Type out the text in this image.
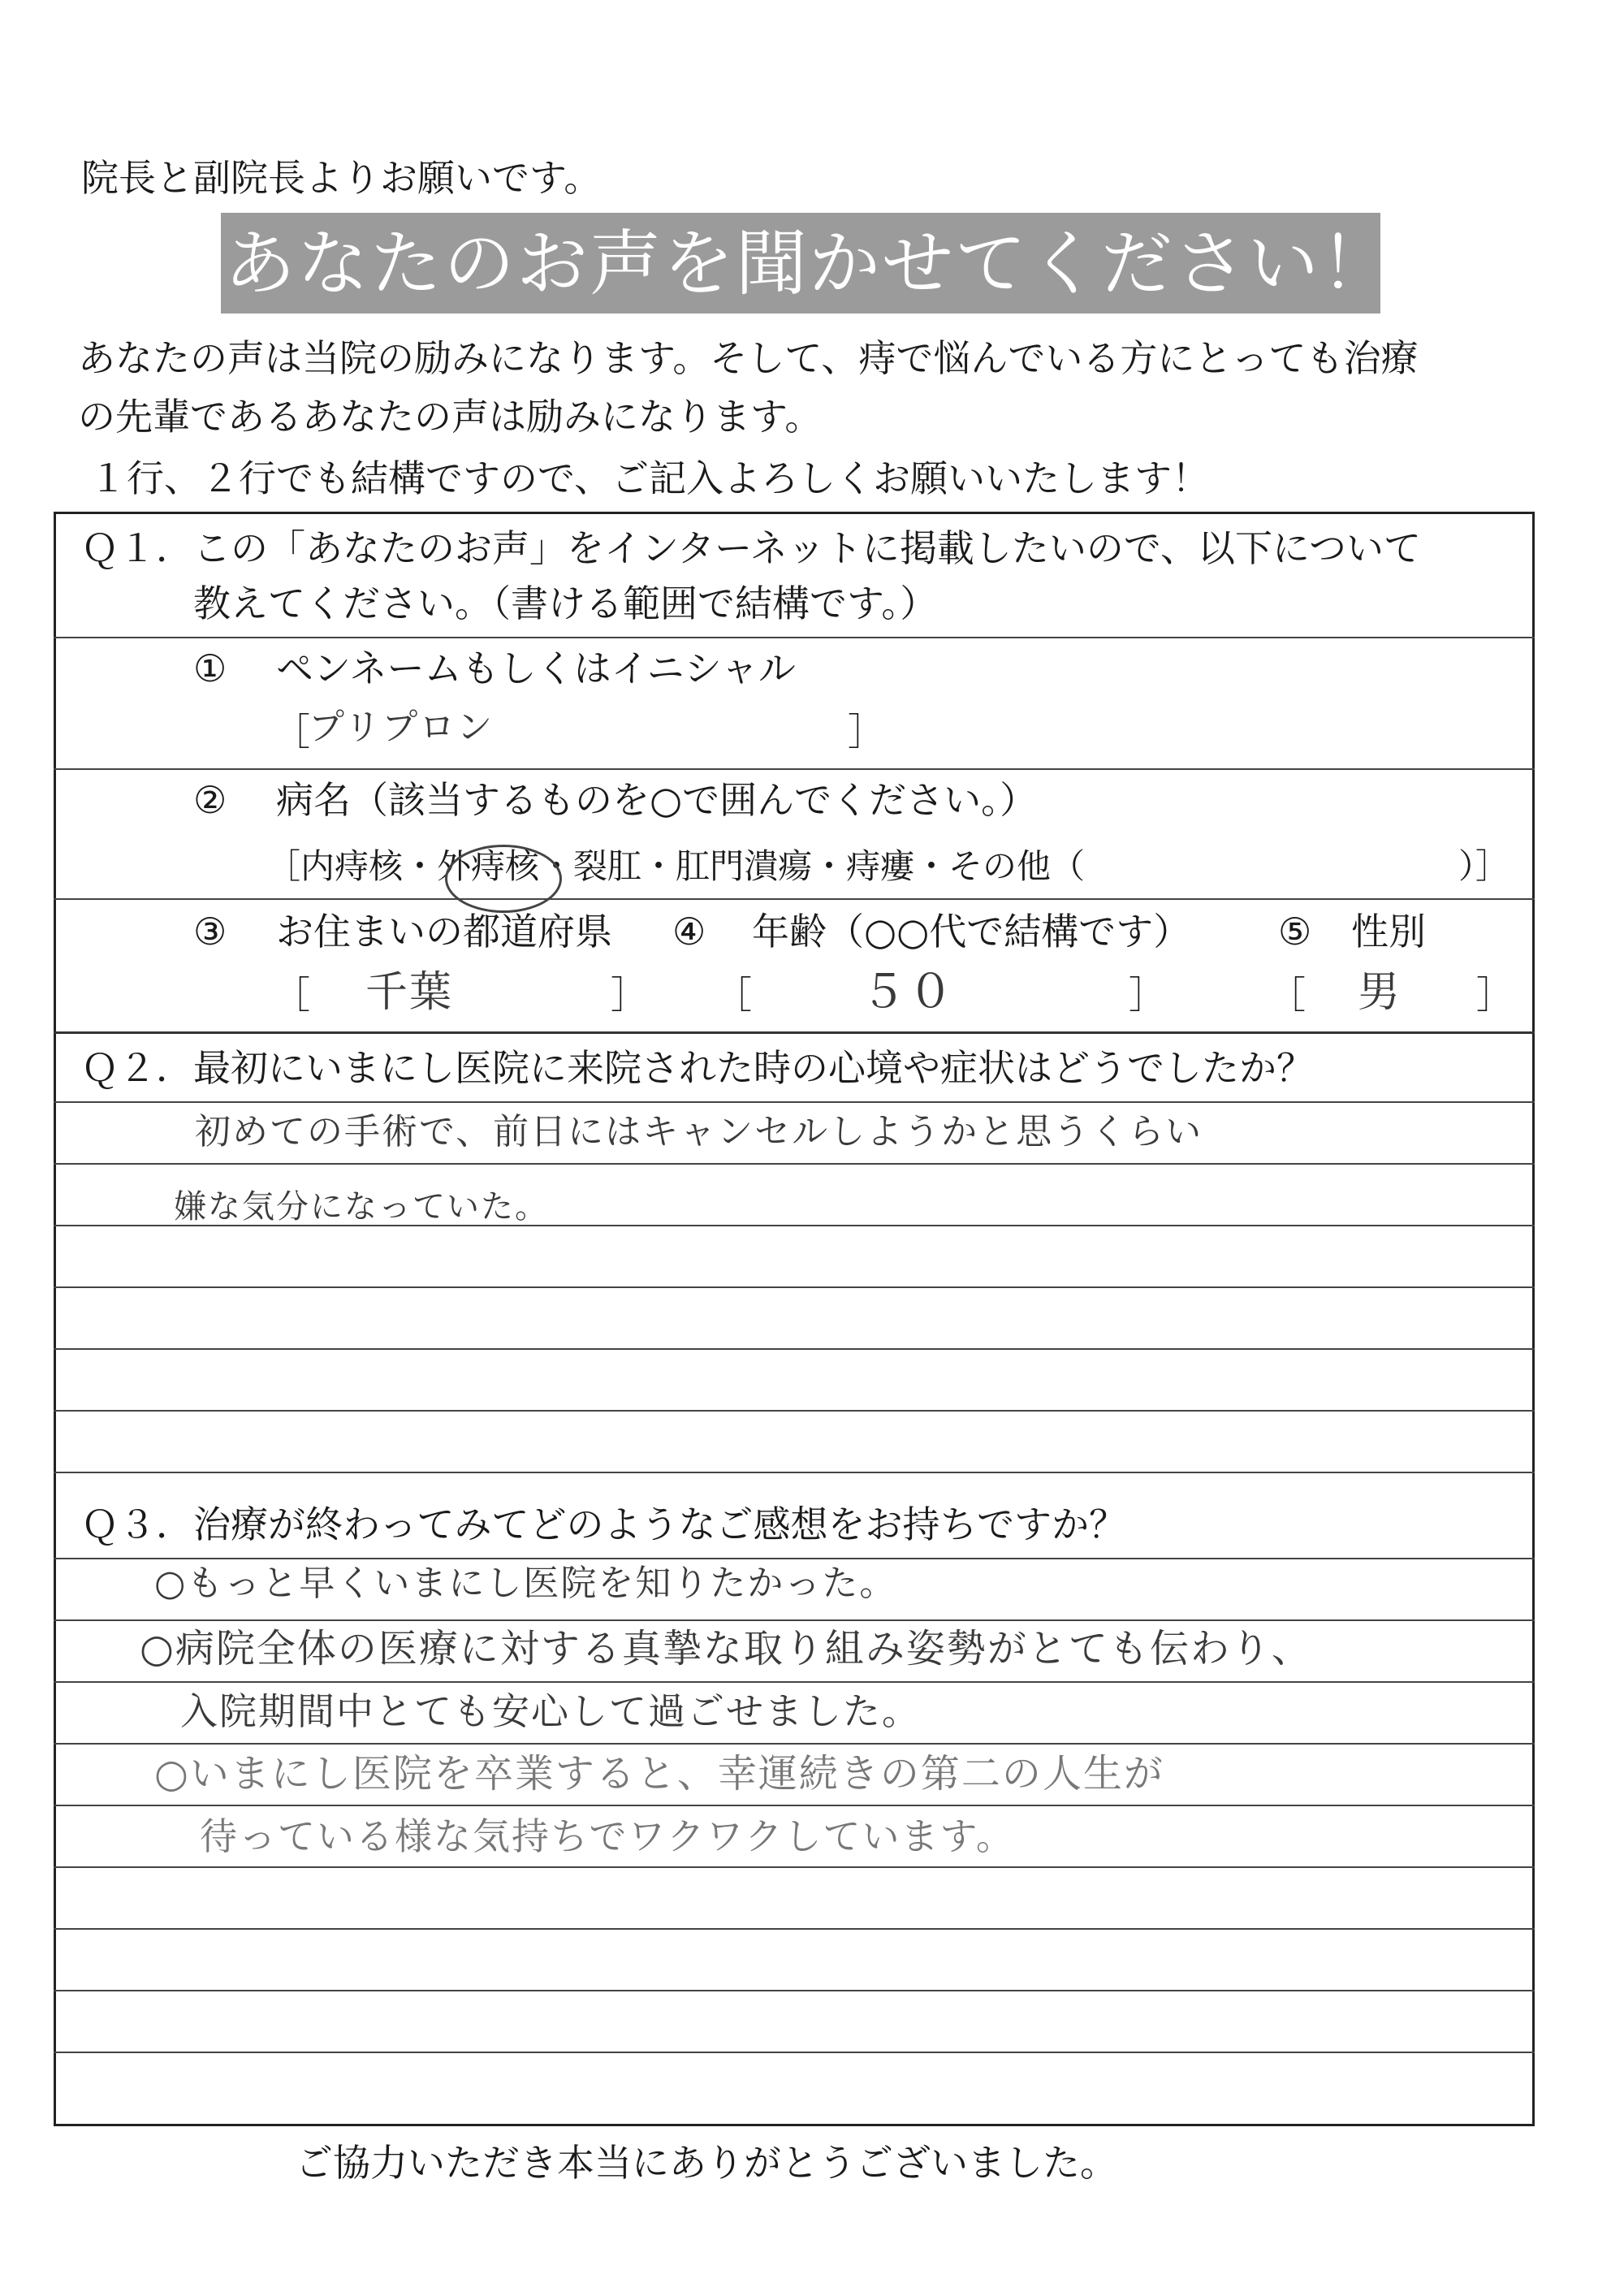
院長と副院長よりお願いです。
あなたのお声を聞かせてください！
あなたの声は当院の励みになります。そして、痔で悩んでいる方にとっても治療
の先輩であるあなたの声は励みになります。
１行、２行でも結構ですので、ご記入よろしくお願いいたします！
Ｑ１． この「あなたのお声」をインターネットに掲載したいので、以下について
教えてください。（書ける範囲で結構です。）
① ペンネームもしくはイニシャル
［
プリプロン	］
② 病名（該当するものを○で囲んでください。）
［内痔核・外痔核・裂肛・肛門潰瘍・痔瘻・その他（	）］
③ お住まいの都道府県 ④ 年齢（○○代で結構です） ⑤ 性別
［ 千葉	］ ［ ５０	］	［ 男 ］
Ｑ２． 最初にいまにし医院に来院された時の心境や症状はどうでしたか？
初めての手術で、前日にはキャンセルしようかと思うくらい
嫌な気分になっていた。
Ｑ３． 治療が終わってみてどのようなご感想をお持ちですか？
○もっと早くいまにし医院を知りたかった。
○病院全体の医療に対する真摯な取り組み姿勢がとても伝わり、
入院期間中とても安心して過ごせました。
○いまにし医院を卒業すると、幸運続きの第二の人生が
待っている様な気持ちでワクワクしています。
ご協力いただき本当にありがとうございました。
